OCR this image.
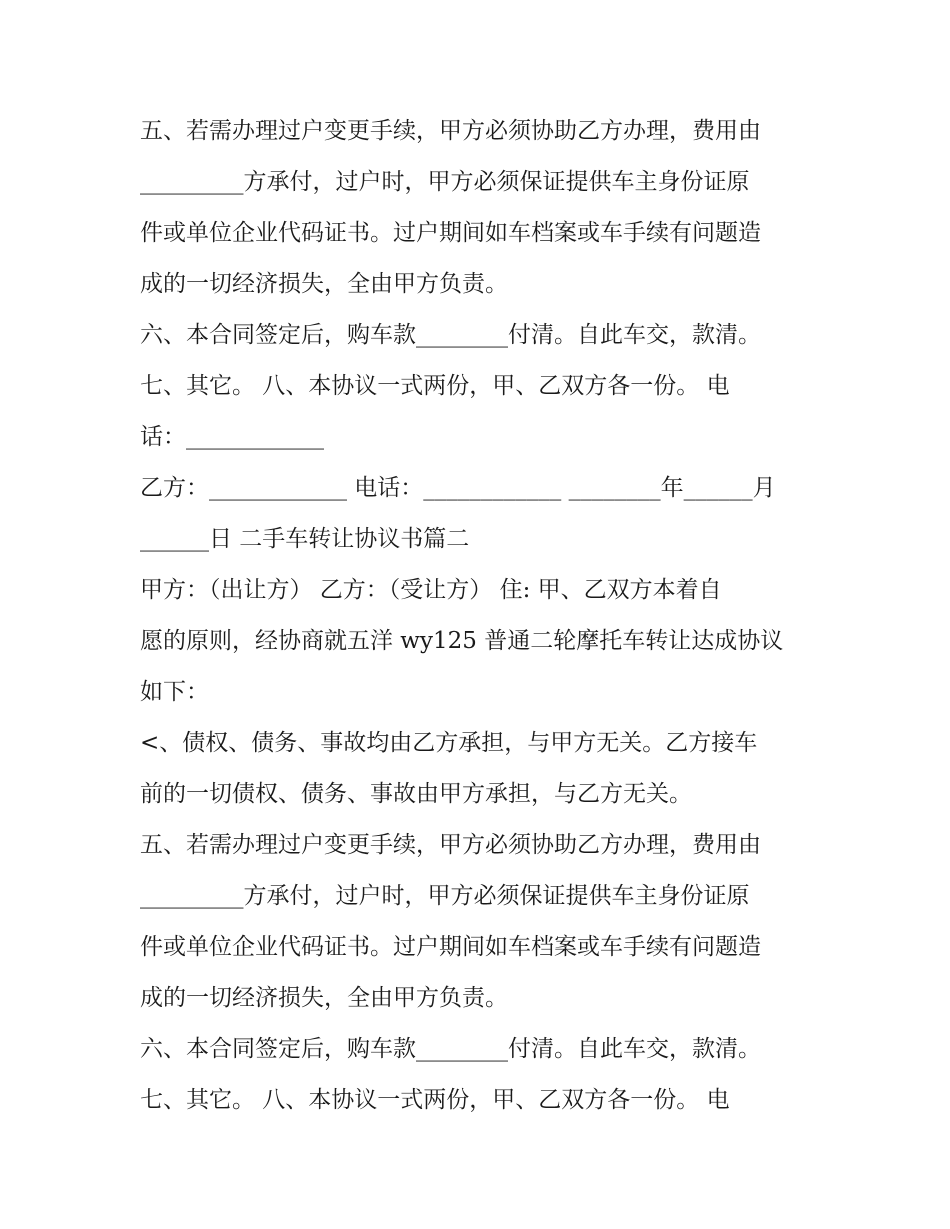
五、若需办理过户变更手续，甲方必须协助乙方办理，费用由
_________方承付，过户时，甲方必须保证提供车主身份证原
件或单位企业代码证书。过户期间如车档案或车手续有问题造
成的一切经济损失，全由甲方负责。
六、本合同签定后，购车款________付清。自此车交，款清。
七、其它。 八、本协议一式两份，甲、乙双方各一份。 电
话：____________
乙方：____________ 电话：____________ ________年______月
______日 二手车转让协议书篇二
甲方：（出让方） 乙方：（受让方） 住: 甲、乙双方本着自
愿的原则，经协商就五洋 wy125 普通二轮摩托车转让达成协议
如下：
<、债权、债务、事故均由乙方承担，与甲方无关。乙方接车
前的一切债权、债务、事故由甲方承担，与乙方无关。
五、若需办理过户变更手续，甲方必须协助乙方办理，费用由
_________方承付，过户时，甲方必须保证提供车主身份证原
件或单位企业代码证书。过户期间如车档案或车手续有问题造
成的一切经济损失，全由甲方负责。
六、本合同签定后，购车款________付清。自此车交，款清。
七、其它。 八、本协议一式两份，甲、乙双方各一份。 电
